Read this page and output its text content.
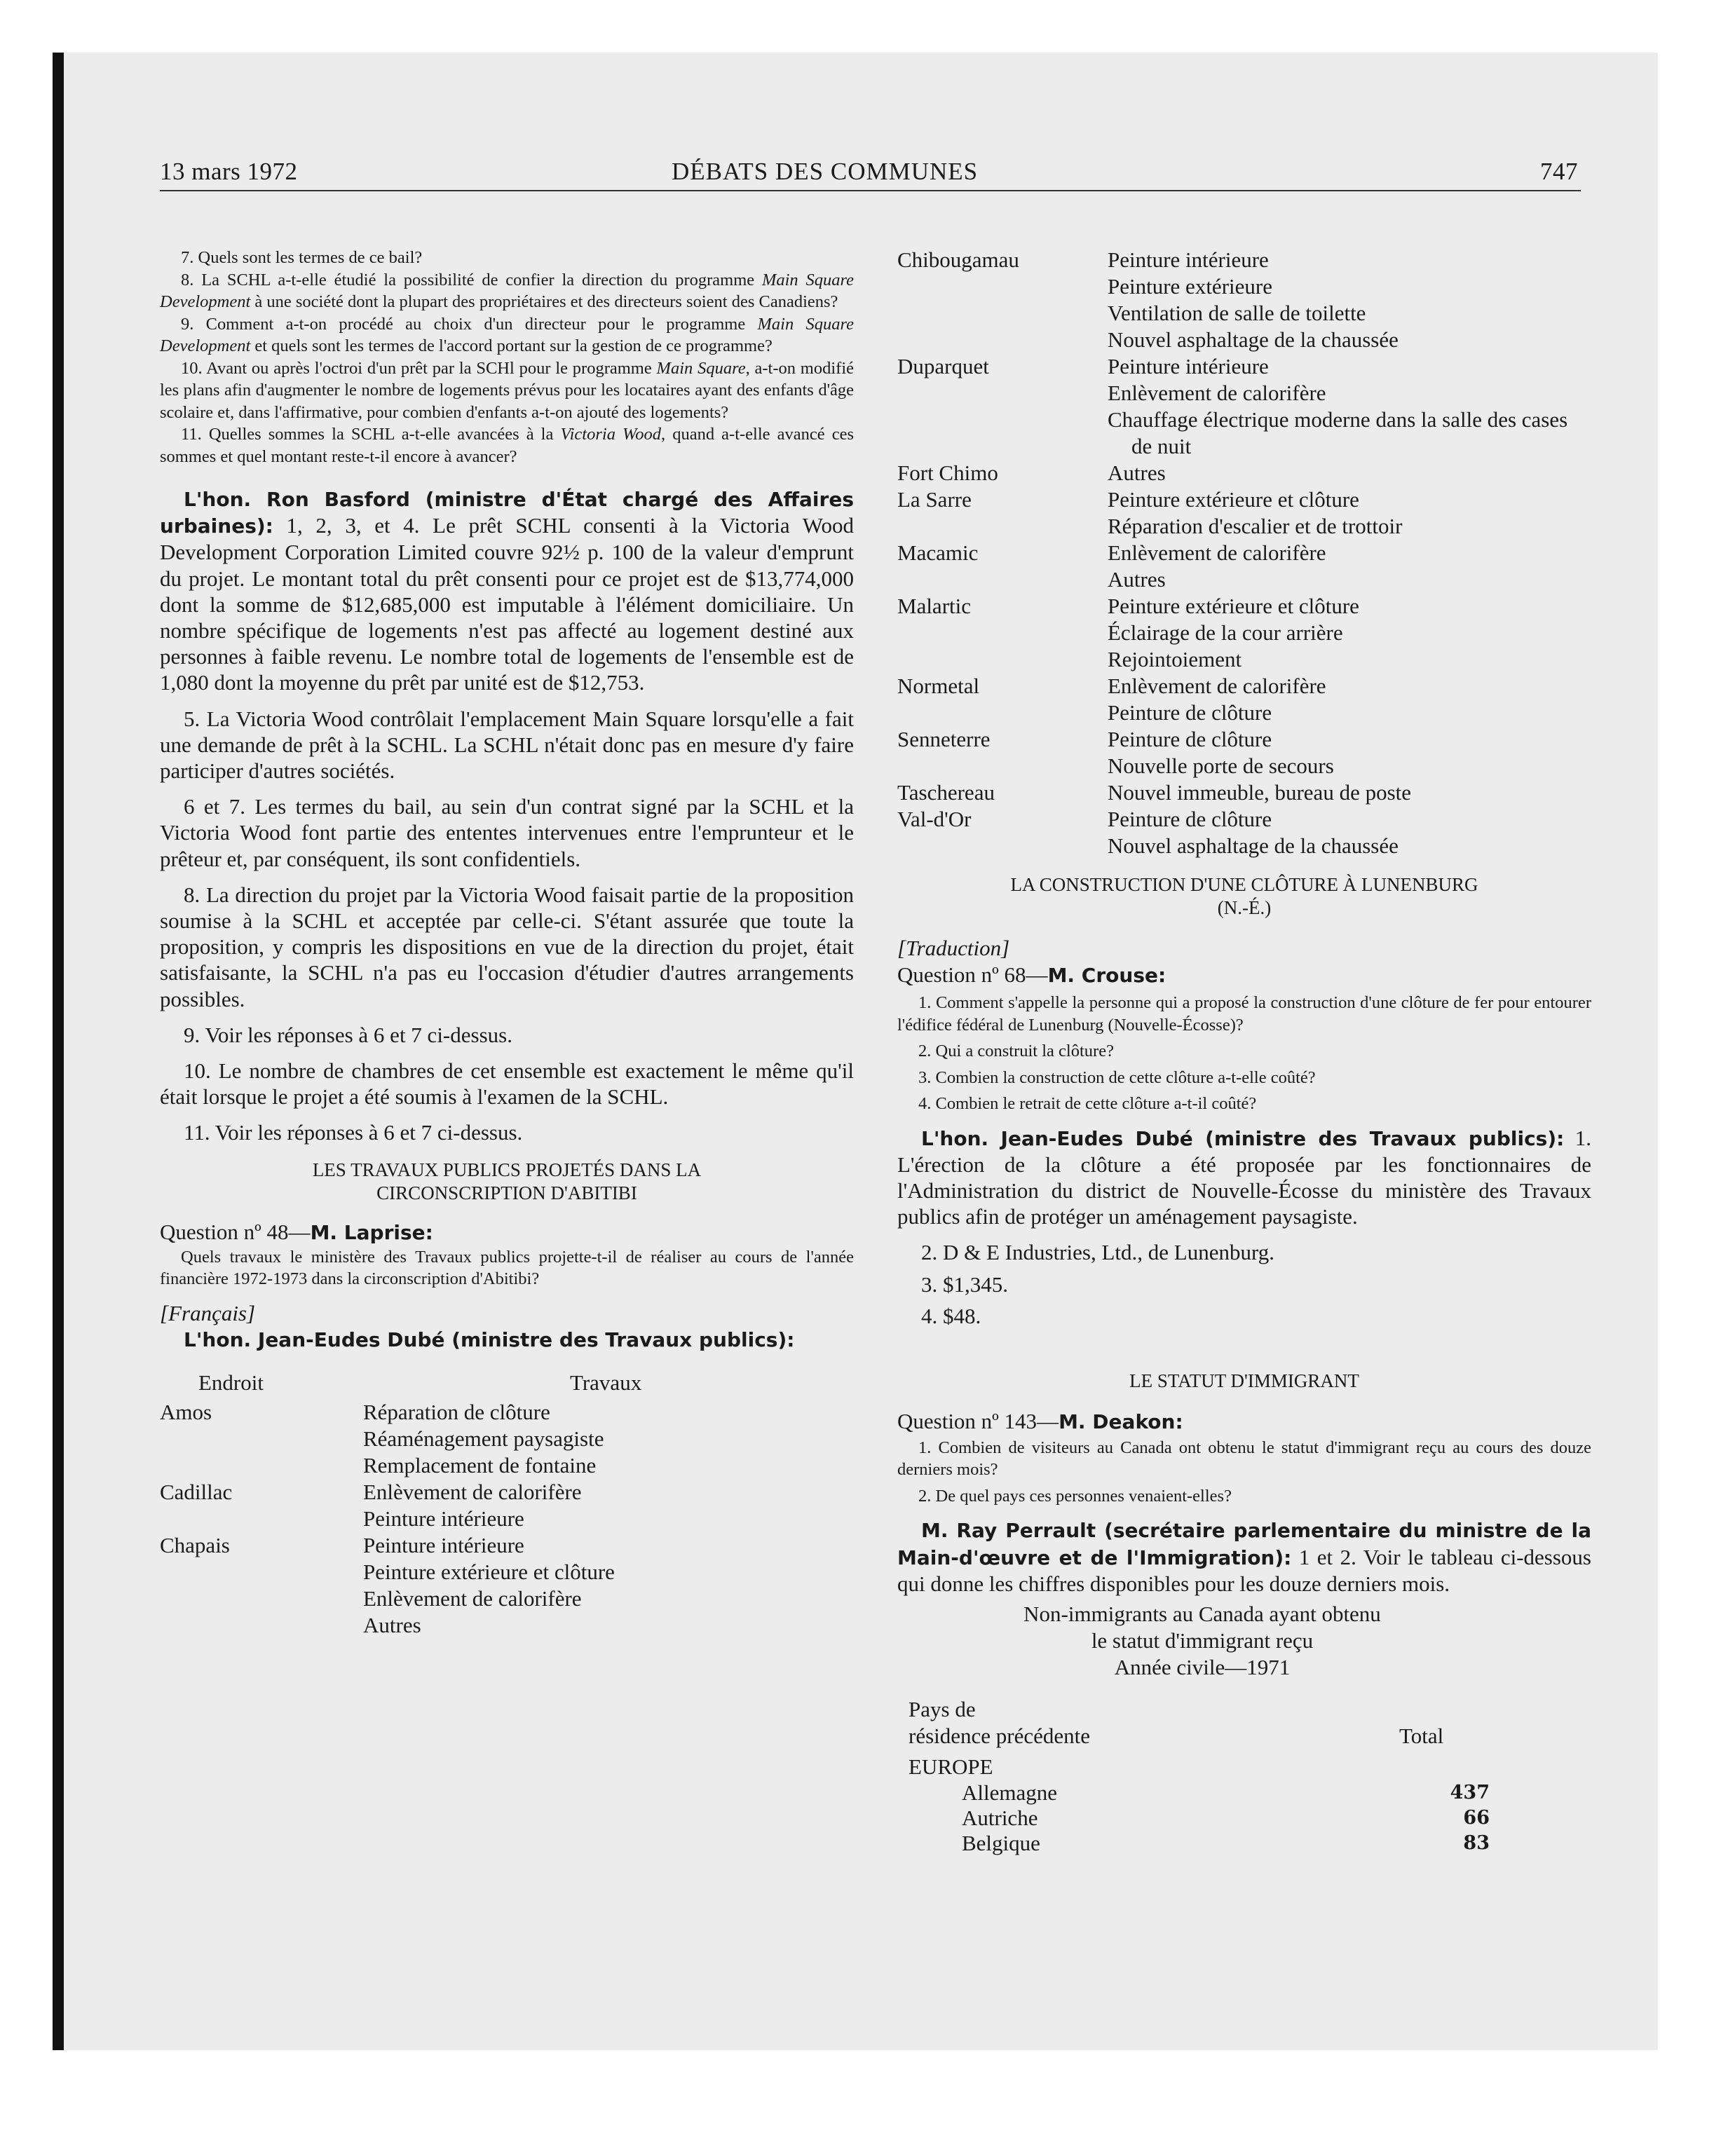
13 mars 1972	DÉBATS DES COMMUNES	747

7. Quels sont les termes de ce bail?

8. La SCHL a-t-elle étudié la possibilité de confier la direction du programme Main Square Development à une société dont la plupart des propriétaires et des directeurs soient des Canadiens?

9. Comment a-t-on procédé au choix d'un directeur pour le programme Main Square Development et quels sont les termes de l'accord portant sur la gestion de ce programme?

10. Avant ou après l'octroi d'un prêt par la SCHl pour le programme Main Square, a-t-on modifié les plans afin d'augmenter le nombre de logements prévus pour les locataires ayant des enfants d'âge scolaire et, dans l'affirmative, pour combien d'enfants a-t-on ajouté des logements?

11. Quelles sommes la SCHL a-t-elle avancées à la Victoria Wood, quand a-t-elle avancé ces sommes et quel montant reste-t-il encore à avancer?

L'hon. Ron Basford (ministre d'État chargé des Affaires urbaines): 1, 2, 3, et 4. Le prêt SCHL consenti à la Victoria Wood Development Corporation Limited couvre 92½ p. 100 de la valeur d'emprunt du projet. Le montant total du prêt consenti pour ce projet est de $13,774,000 dont la somme de $12,685,000 est imputable à l'élément domiciliaire. Un nombre spécifique de logements n'est pas affecté au logement destiné aux personnes à faible revenu. Le nombre total de logements de l'ensemble est de 1,080 dont la moyenne du prêt par unité est de $12,753.

5. La Victoria Wood contrôlait l'emplacement Main Square lorsqu'elle a fait une demande de prêt à la SCHL. La SCHL n'était donc pas en mesure d'y faire participer d'autres sociétés.

6 et 7. Les termes du bail, au sein d'un contrat signé par la SCHL et la Victoria Wood font partie des ententes intervenues entre l'emprunteur et le prêteur et, par conséquent, ils sont confidentiels.

8. La direction du projet par la Victoria Wood faisait partie de la proposition soumise à la SCHL et acceptée par celle-ci. S'étant assurée que toute la proposition, y compris les dispositions en vue de la direction du projet, était satisfaisante, la SCHL n'a pas eu l'occasion d'étudier d'autres arrangements possibles.

9. Voir les réponses à 6 et 7 ci-dessus.

10. Le nombre de chambres de cet ensemble est exactement le même qu'il était lorsque le projet a été soumis à l'examen de la SCHL.

11. Voir les réponses à 6 et 7 ci-dessus.

LES TRAVAUX PUBLICS PROJETÉS DANS LA CIRCONSCRIPTION D'ABITIBI

Question nº 48—M. Laprise:

Quels travaux le ministère des Travaux publics projette-t-il de réaliser au cours de l'année financière 1972-1973 dans la circonscription d'Abitibi?

[Français]

L'hon. Jean-Eudes Dubé (ministre des Travaux publics):

Endroit	Travaux
Amos	Réparation de clôture
Réaménagement paysagiste
Remplacement de fontaine
Cadillac	Enlèvement de calorifère
Peinture intérieure
Chapais	Peinture intérieure
Peinture extérieure et clôture
Enlèvement de calorifère
Autres
Chibougamau	Peinture intérieure
Peinture extérieure
Ventilation de salle de toilette
Nouvel asphaltage de la chaussée
Duparquet	Peinture intérieure
Enlèvement de calorifère
Chauffage électrique moderne dans la salle des cases de nuit
Fort Chimo	Autres
La Sarre	Peinture extérieure et clôture
Réparation d'escalier et de trottoir
Macamic	Enlèvement de calorifère
Autres
Malartic	Peinture extérieure et clôture
Éclairage de la cour arrière
Rejointoiement
Normetal	Enlèvement de calorifère
Peinture de clôture
Senneterre	Peinture de clôture
Nouvelle porte de secours
Taschereau	Nouvel immeuble, bureau de poste
Val-d'Or	Peinture de clôture
Nouvel asphaltage de la chaussée

LA CONSTRUCTION D'UNE CLÔTURE À LUNENBURG (N.-É.)

[Traduction]

Question nº 68—M. Crouse:

1. Comment s'appelle la personne qui a proposé la construction d'une clôture de fer pour entourer l'édifice fédéral de Lunenburg (Nouvelle-Écosse)?

2. Qui a construit la clôture?

3. Combien la construction de cette clôture a-t-elle coûté?

4. Combien le retrait de cette clôture a-t-il coûté?

L'hon. Jean-Eudes Dubé (ministre des Travaux publics): 1. L'érection de la clôture a été proposée par les fonctionnaires de l'Administration du district de Nouvelle-Écosse du ministère des Travaux publics afin de protéger un aménagement paysagiste.

2. D & E Industries, Ltd., de Lunenburg.

3. $1,345.

4. $48.

LE STATUT D'IMMIGRANT

Question nº 143—M. Deakon:

1. Combien de visiteurs au Canada ont obtenu le statut d'immigrant reçu au cours des douze derniers mois?

2. De quel pays ces personnes venaient-elles?

M. Ray Perrault (secrétaire parlementaire du ministre de la Main-d'œuvre et de l'Immigration): 1 et 2. Voir le tableau ci-dessous qui donne les chiffres disponibles pour les douze derniers mois.

Non-immigrants au Canada ayant obtenu
le statut d'immigrant reçu
Année civile—1971
Pays de
résidence précédente	Total
EUROPE
Allemagne	437
Autriche	66
Belgique	83
